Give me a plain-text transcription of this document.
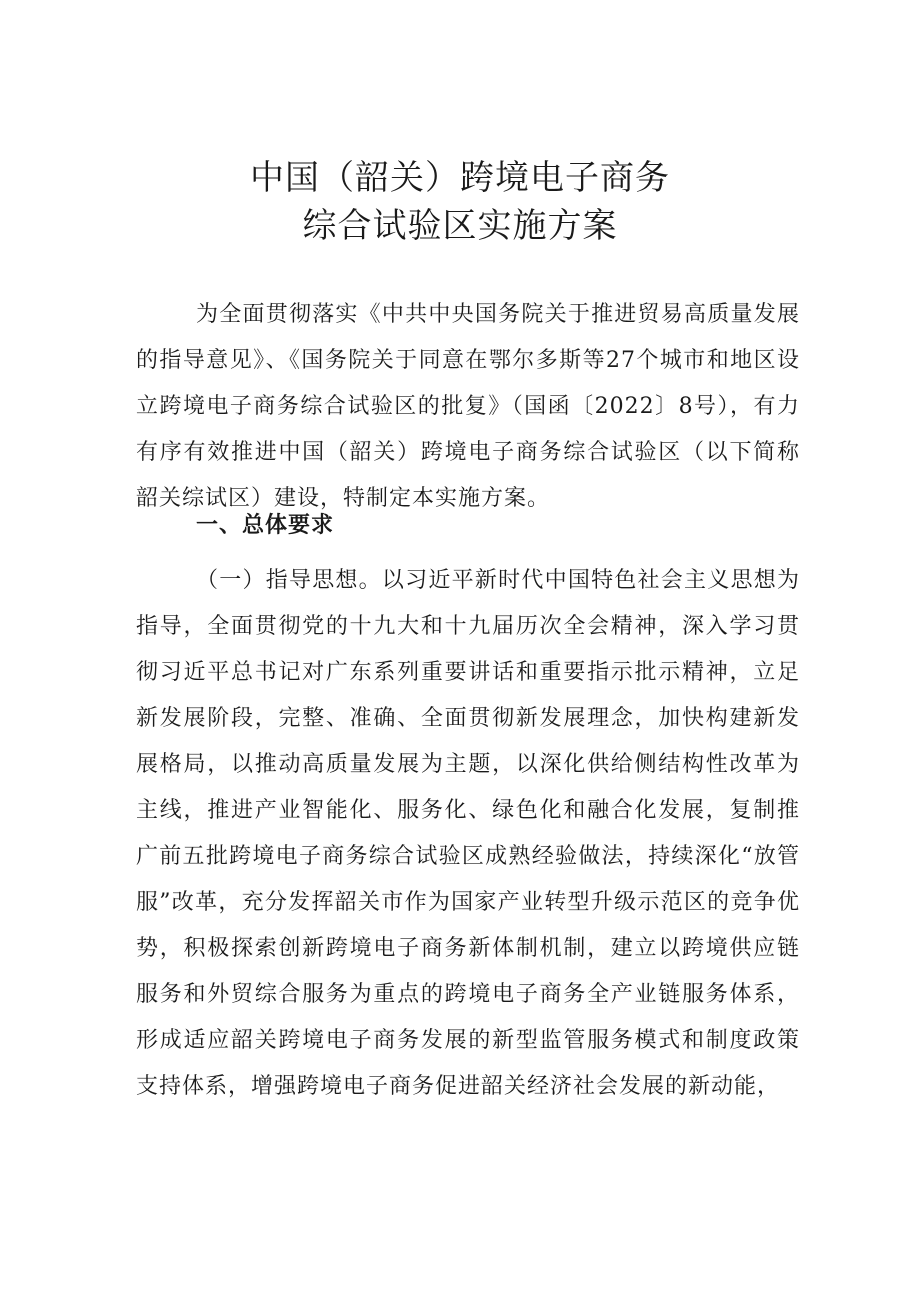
中国（韶关）跨境电子商务
综合试验区实施方案

为全面贯彻落实《中共中央国务院关于推进贸易高质量发展的指导意见》、《国务院关于同意在鄂尔多斯等27个城市和地区设立跨境电子商务综合试验区的批复》（国函〔2022〕8号），有力有序有效推进中国（韶关）跨境电子商务综合试验区（以下简称韶关综试区）建设，特制定本实施方案。

一、总体要求

（一）指导思想。以习近平新时代中国特色社会主义思想为指导，全面贯彻党的十九大和十九届历次全会精神，深入学习贯彻习近平总书记对广东系列重要讲话和重要指示批示精神，立足新发展阶段，完整、准确、全面贯彻新发展理念，加快构建新发展格局，以推动高质量发展为主题，以深化供给侧结构性改革为主线，推进产业智能化、服务化、绿色化和融合化发展，复制推广前五批跨境电子商务综合试验区成熟经验做法，持续深化“放管服”改革，充分发挥韶关市作为国家产业转型升级示范区的竞争优势，积极探索创新跨境电子商务新体制机制，建立以跨境供应链服务和外贸综合服务为重点的跨境电子商务全产业链服务体系，形成适应韶关跨境电子商务发展的新型监管服务模式和制度政策支持体系，增强跨境电子商务促进韶关经济社会发展的新动能，
